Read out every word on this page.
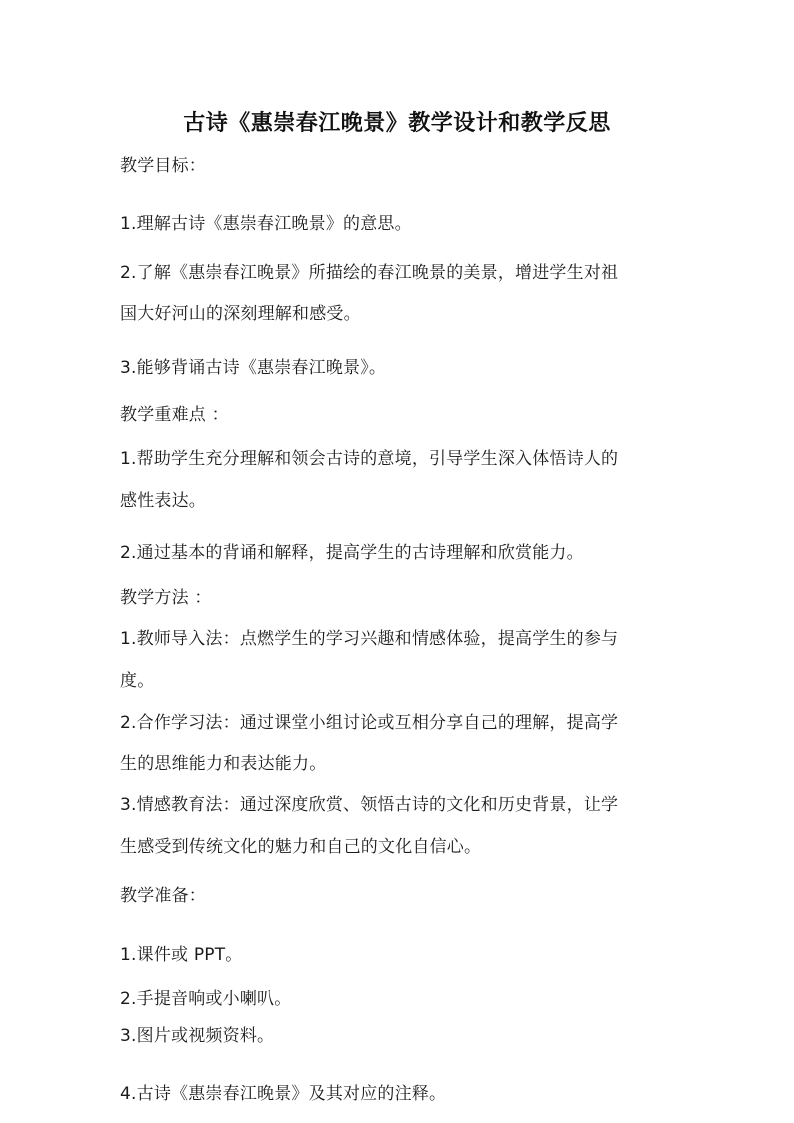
古诗《惠崇春江晚景》教学设计和教学反思
教学目标：
1.理解古诗《惠崇春江晚景》的意思。
2.了解《惠崇春江晚景》所描绘的春江晚景的美景，增进学生对祖
国大好河山的深刻理解和感受。
3.能够背诵古诗《惠崇春江晚景》。
教学重难点 ：
1.帮助学生充分理解和领会古诗的意境，引导学生深入体悟诗人的
感性表达。
2.通过基本的背诵和解释，提高学生的古诗理解和欣赏能力。
教学方法 ：
1.教师导入法：点燃学生的学习兴趣和情感体验，提高学生的参与
度。
2.合作学习法：通过课堂小组讨论或互相分享自己的理解，提高学
生的思维能力和表达能力。
3.情感教育法：通过深度欣赏、领悟古诗的文化和历史背景，让学
生感受到传统文化的魅力和自己的文化自信心。
教学准备：
1.课件或 PPT。
2.手提音响或小喇叭。
3.图片或视频资料。
4.古诗《惠崇春江晚景》及其对应的注释。
